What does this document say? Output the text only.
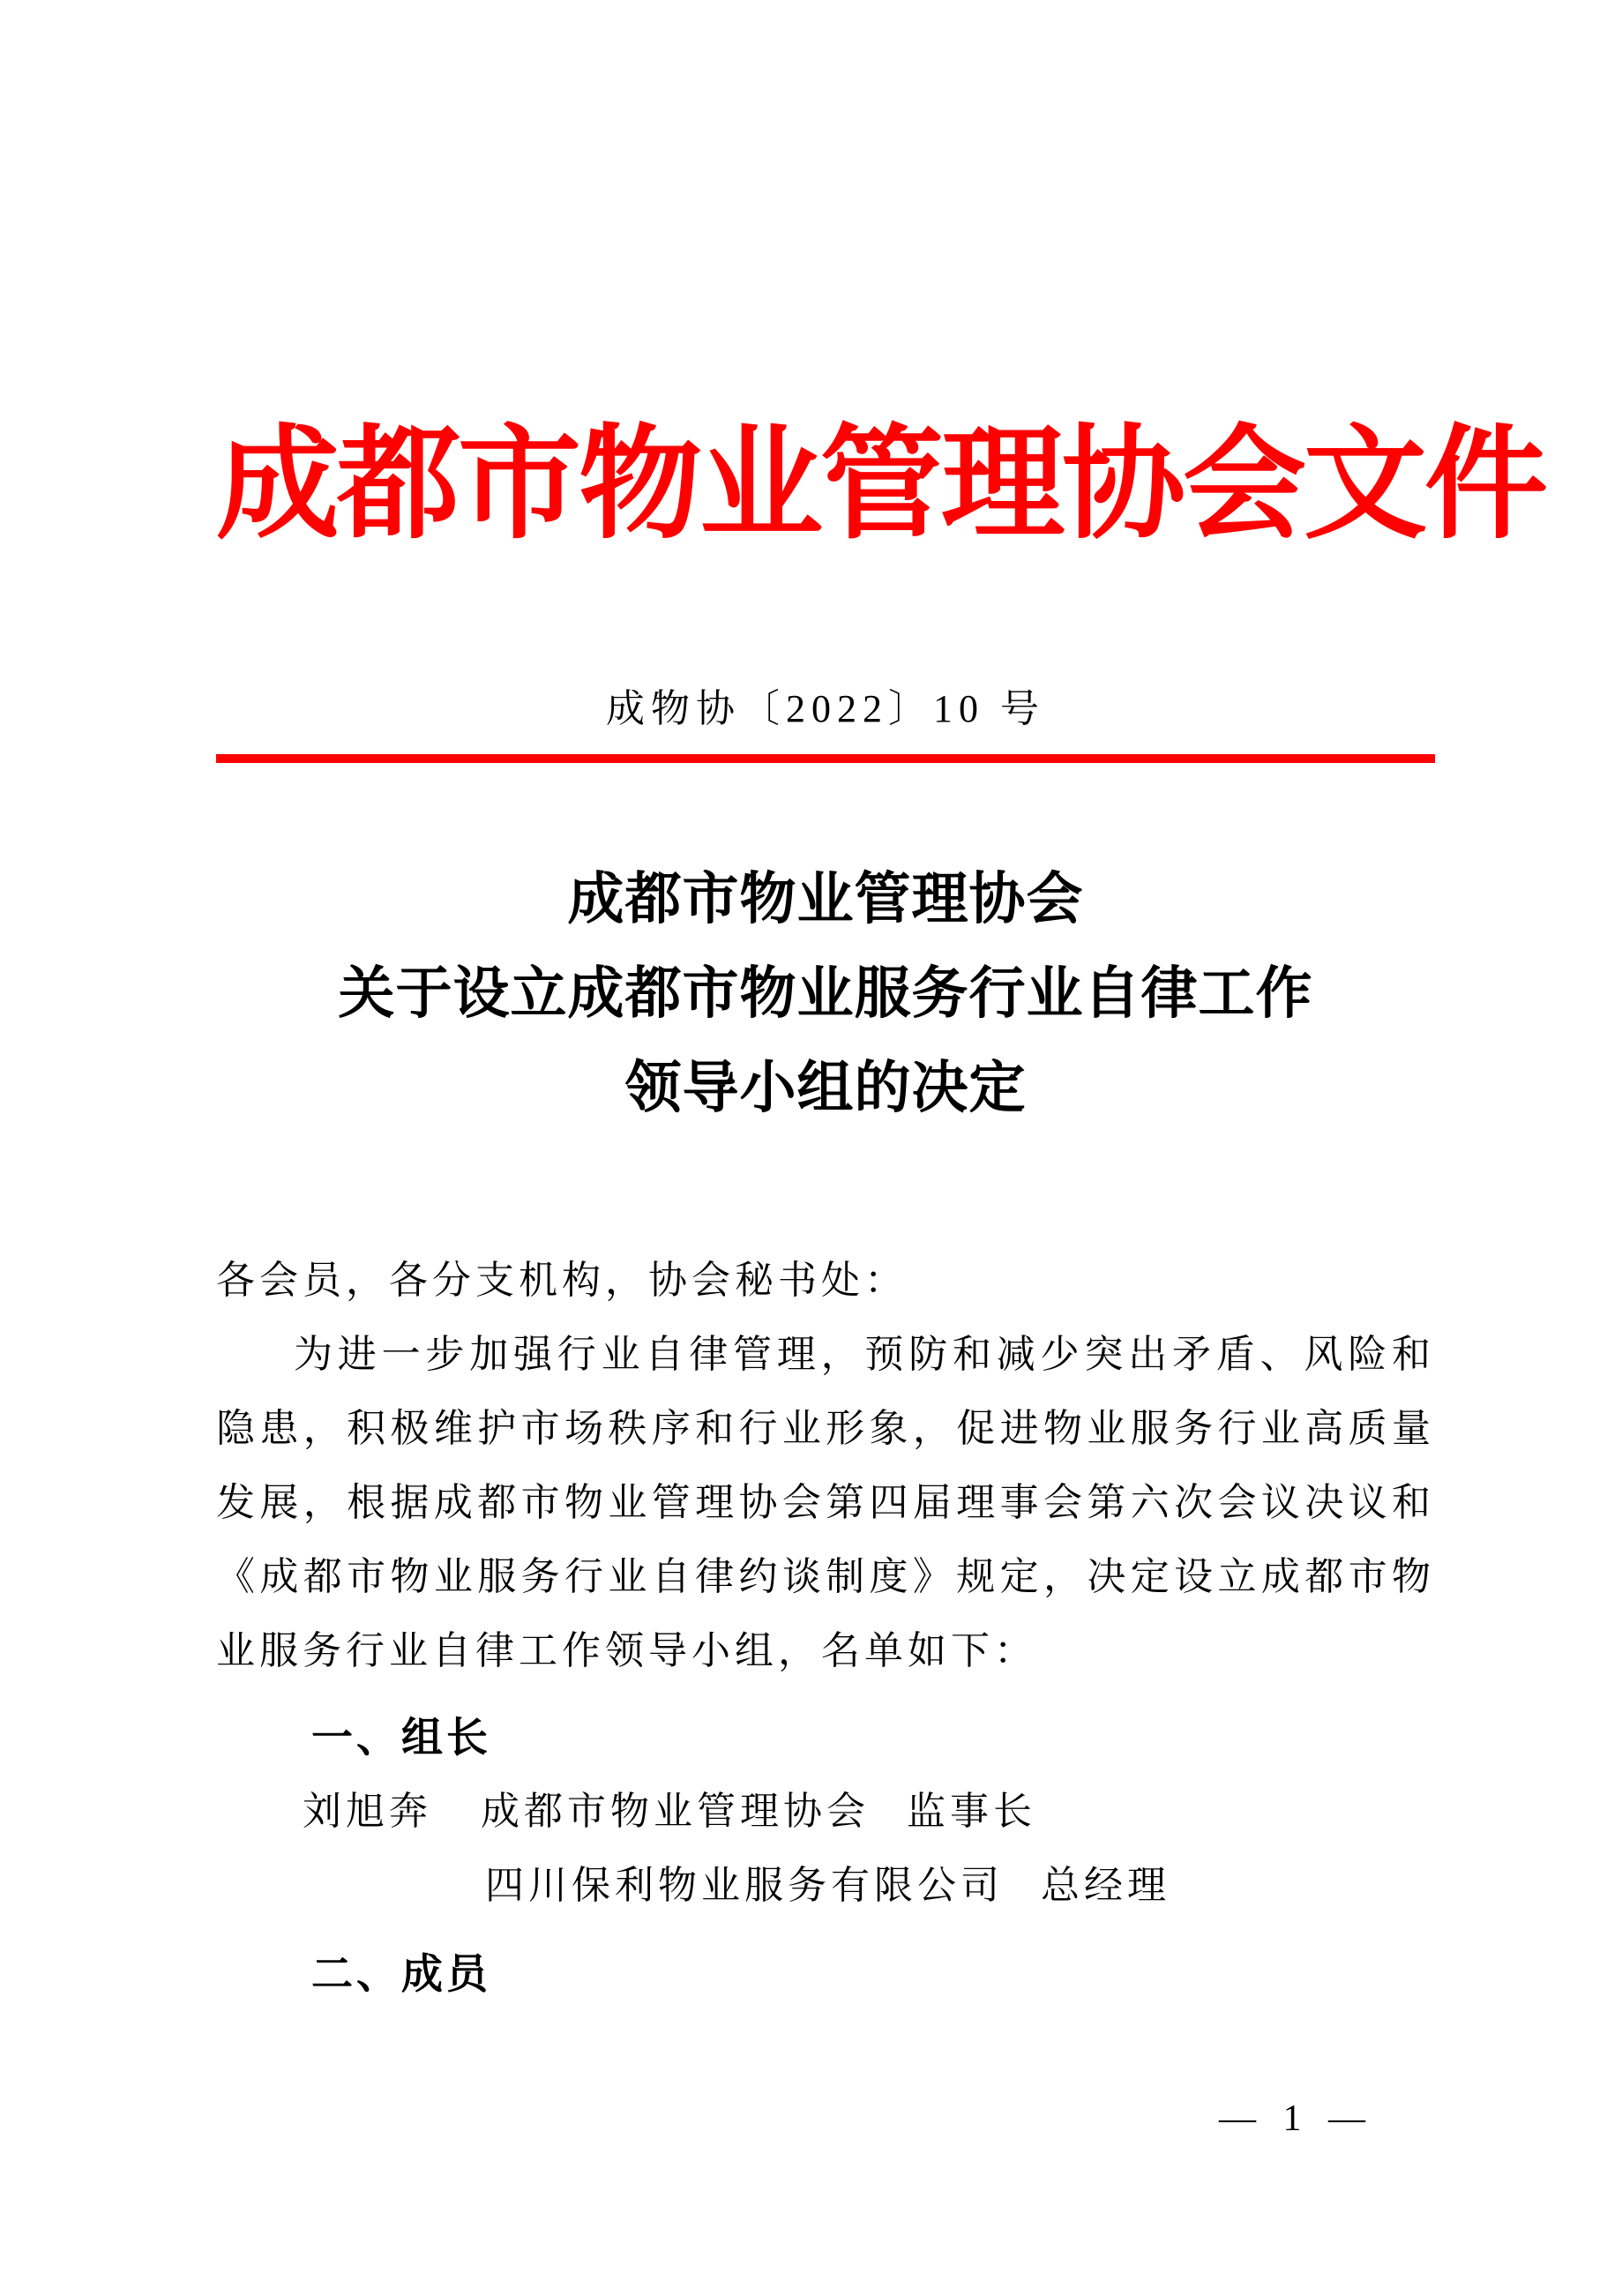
成都市物业管理协会文件
成物协〔2022〕10 号
成都市物业管理协会
关于设立成都市物业服务行业自律工作
领导小组的决定
各会员，各分支机构，协会秘书处：

为进一步加强行业自律管理，预防和减少突出矛盾、风险和隐患，积极维护市场秩序和行业形象，促进物业服务行业高质量发展，根据成都市物业管理协会第四届理事会第六次会议决议和《成都市物业服务行业自律约谈制度》规定，决定设立成都市物业服务行业自律工作领导小组，名单如下：

一、组长
刘旭奔 成都市物业管理协会 监事长
四川保利物业服务有限公司 总经理
二、成员
— 1 —
